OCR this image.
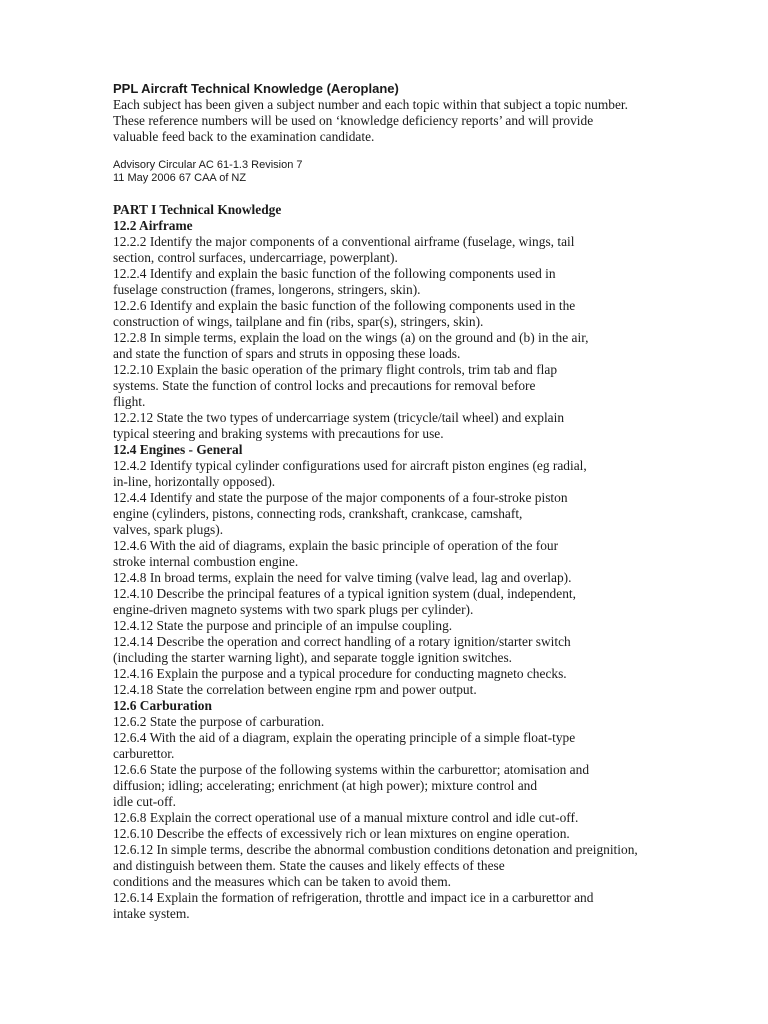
PPL Aircraft Technical Knowledge (Aeroplane)
Each subject has been given a subject number and each topic within that subject a topic number.
These reference numbers will be used on ‘knowledge deficiency reports’ and will provide
valuable feed back to the examination candidate.
Advisory Circular AC 61-1.3 Revision 7
11 May 2006 67 CAA of NZ
PART I Technical Knowledge
12.2 Airframe
12.2.2 Identify the major components of a conventional airframe (fuselage, wings, tail
section, control surfaces, undercarriage, powerplant).
12.2.4 Identify and explain the basic function of the following components used in
fuselage construction (frames, longerons, stringers, skin).
12.2.6 Identify and explain the basic function of the following components used in the
construction of wings, tailplane and fin (ribs, spar(s), stringers, skin).
12.2.8 In simple terms, explain the load on the wings (a) on the ground and (b) in the air,
and state the function of spars and struts in opposing these loads.
12.2.10 Explain the basic operation of the primary flight controls, trim tab and flap
systems. State the function of control locks and precautions for removal before
flight.
12.2.12 State the two types of undercarriage system (tricycle/tail wheel) and explain
typical steering and braking systems with precautions for use.
12.4 Engines - General
12.4.2 Identify typical cylinder configurations used for aircraft piston engines (eg radial,
in-line, horizontally opposed).
12.4.4 Identify and state the purpose of the major components of a four-stroke piston
engine (cylinders, pistons, connecting rods, crankshaft, crankcase, camshaft,
valves, spark plugs).
12.4.6 With the aid of diagrams, explain the basic principle of operation of the four
stroke internal combustion engine.
12.4.8 In broad terms, explain the need for valve timing (valve lead, lag and overlap).
12.4.10 Describe the principal features of a typical ignition system (dual, independent,
engine-driven magneto systems with two spark plugs per cylinder).
12.4.12 State the purpose and principle of an impulse coupling.
12.4.14 Describe the operation and correct handling of a rotary ignition/starter switch
(including the starter warning light), and separate toggle ignition switches.
12.4.16 Explain the purpose and a typical procedure for conducting magneto checks.
12.4.18 State the correlation between engine rpm and power output.
12.6 Carburation
12.6.2 State the purpose of carburation.
12.6.4 With the aid of a diagram, explain the operating principle of a simple float-type
carburettor.
12.6.6 State the purpose of the following systems within the carburettor; atomisation and
diffusion; idling; accelerating; enrichment (at high power); mixture control and
idle cut-off.
12.6.8 Explain the correct operational use of a manual mixture control and idle cut-off.
12.6.10 Describe the effects of excessively rich or lean mixtures on engine operation.
12.6.12 In simple terms, describe the abnormal combustion conditions detonation and preignition,
and distinguish between them. State the causes and likely effects of these
conditions and the measures which can be taken to avoid them.
12.6.14 Explain the formation of refrigeration, throttle and impact ice in a carburettor and
intake system.
